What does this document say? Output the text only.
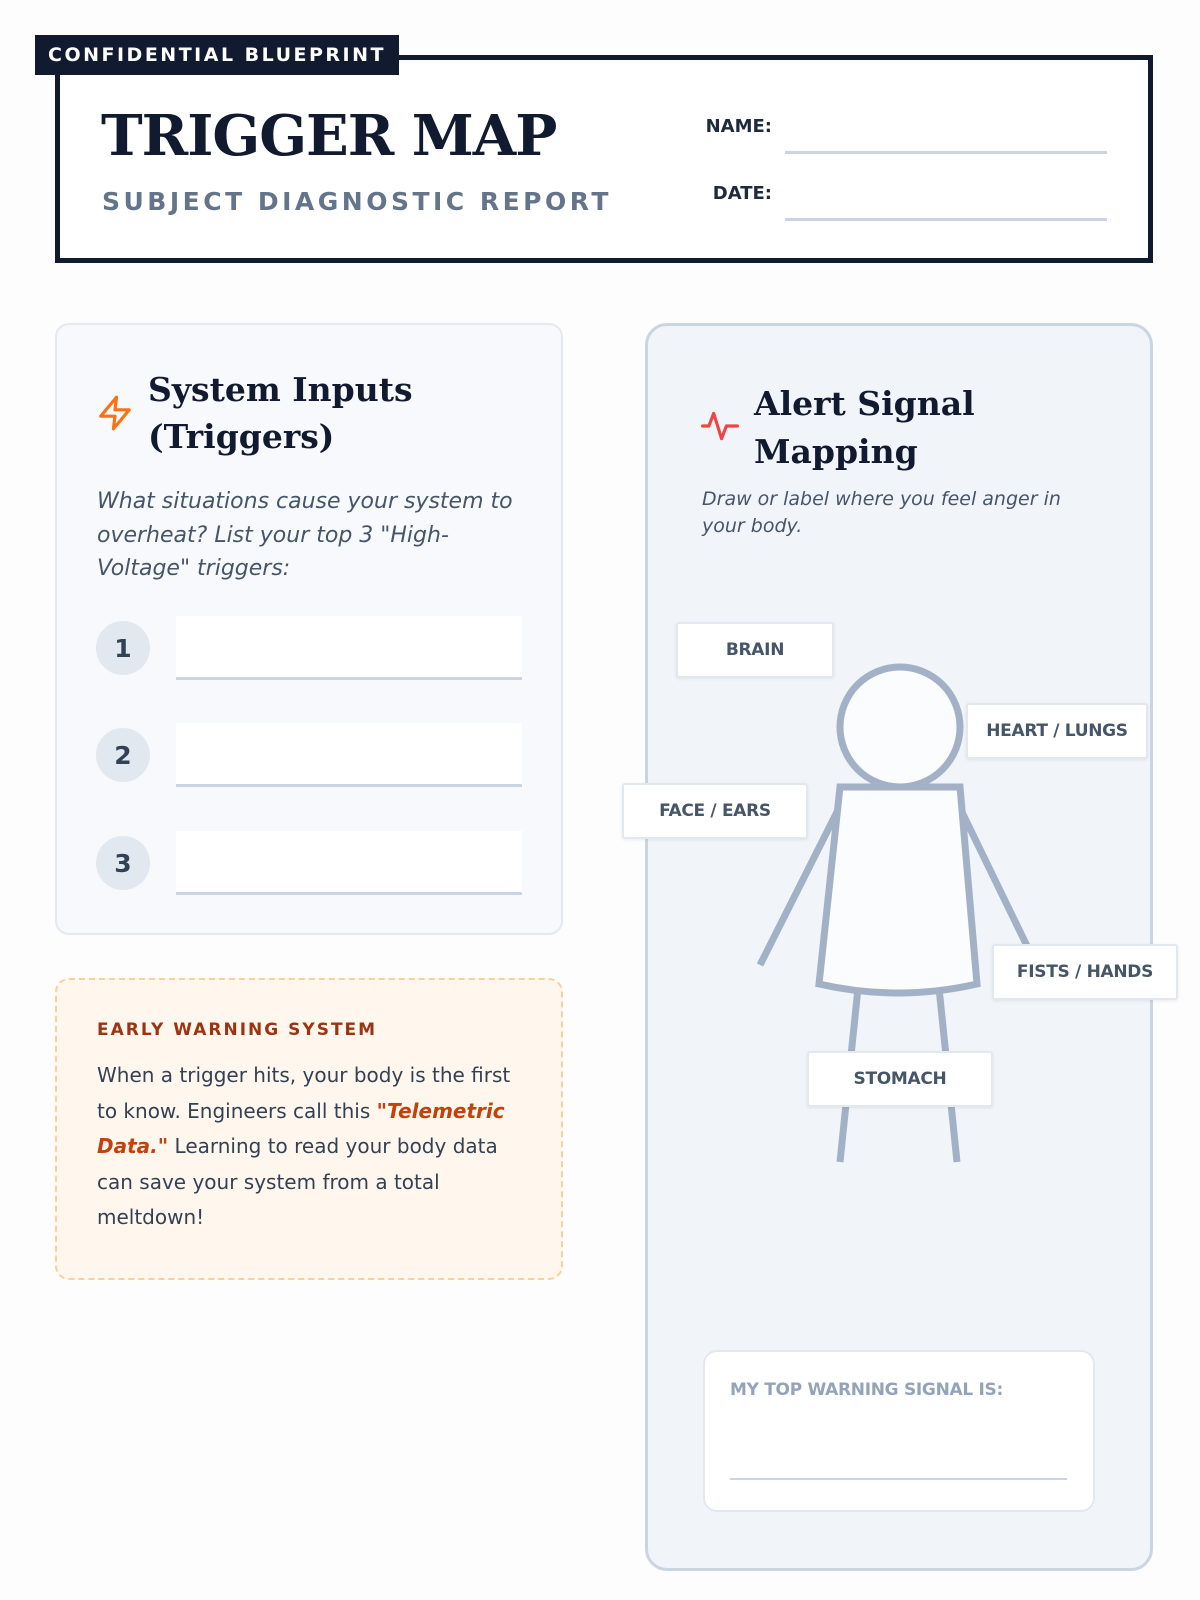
CONFIDENTIAL BLUEPRINT
TRIGGER MAP
SUBJECT DIAGNOSTIC REPORT
NAME:
DATE:
System Inputs
(Triggers)
What situations cause your system to overheat? List your top 3 "High-Voltage" triggers:
1
2
3
EARLY WARNING SYSTEM
When a trigger hits, your body is the first to know. Engineers call this "Telemetric Data." Learning to read your body data can save your system from a total meltdown!
Alert Signal
Mapping
Draw or label where you feel anger in your body.
BRAIN
HEART / LUNGS
FACE / EARS
FISTS / HANDS
STOMACH
MY TOP WARNING SIGNAL IS:
